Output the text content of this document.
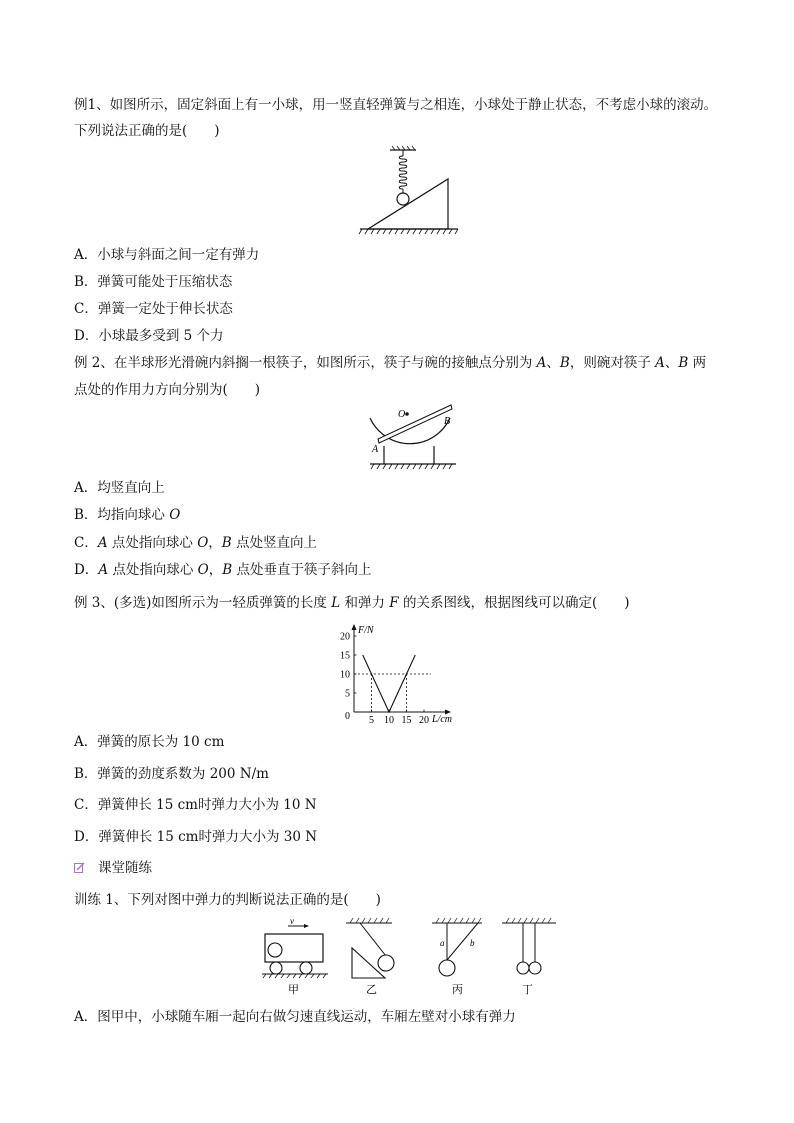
例1、如图所示，固定斜面上有一小球，用一竖直轻弹簧与之相连，小球处于静止状态，不考虑小球的滚动。
下列说法正确的是(　　)
A．小球与斜面之间一定有弹力
B．弹簧可能处于压缩状态
C．弹簧一定处于伸长状态
D．小球最多受到 5 个力
例 2、在半球形光滑碗内斜搁一根筷子，如图所示，筷子与碗的接触点分别为 A、B，则碗对筷子 A、B 两
点处的作用力方向分别为(　　)
O
B
A
A．均竖直向上
B．均指向球心 O
C．A 点处指向球心 O，B 点处竖直向上
D．A 点处指向球心 O，B 点处垂直于筷子斜向上
例 3、(多选)如图所示为一轻质弹簧的长度 L 和弹力 F 的关系图线，根据图线可以确定(　　)
0
F/N
L/cm
5 10 15 20
5
10
15
20
A．弹簧的原长为 10 cm
B．弹簧的劲度系数为 200 N/m
C．弹簧伸长 15 cm时弹力大小为 10 N
D．弹簧伸长 15 cm时弹力大小为 30 N
课堂随练
训练 1、下列对图中弹力的判断说法正确的是(　　)
v
甲	乙
a	b
丙	丁
A．图甲中，小球随车厢一起向右做匀速直线运动，车厢左壁对小球有弹力
